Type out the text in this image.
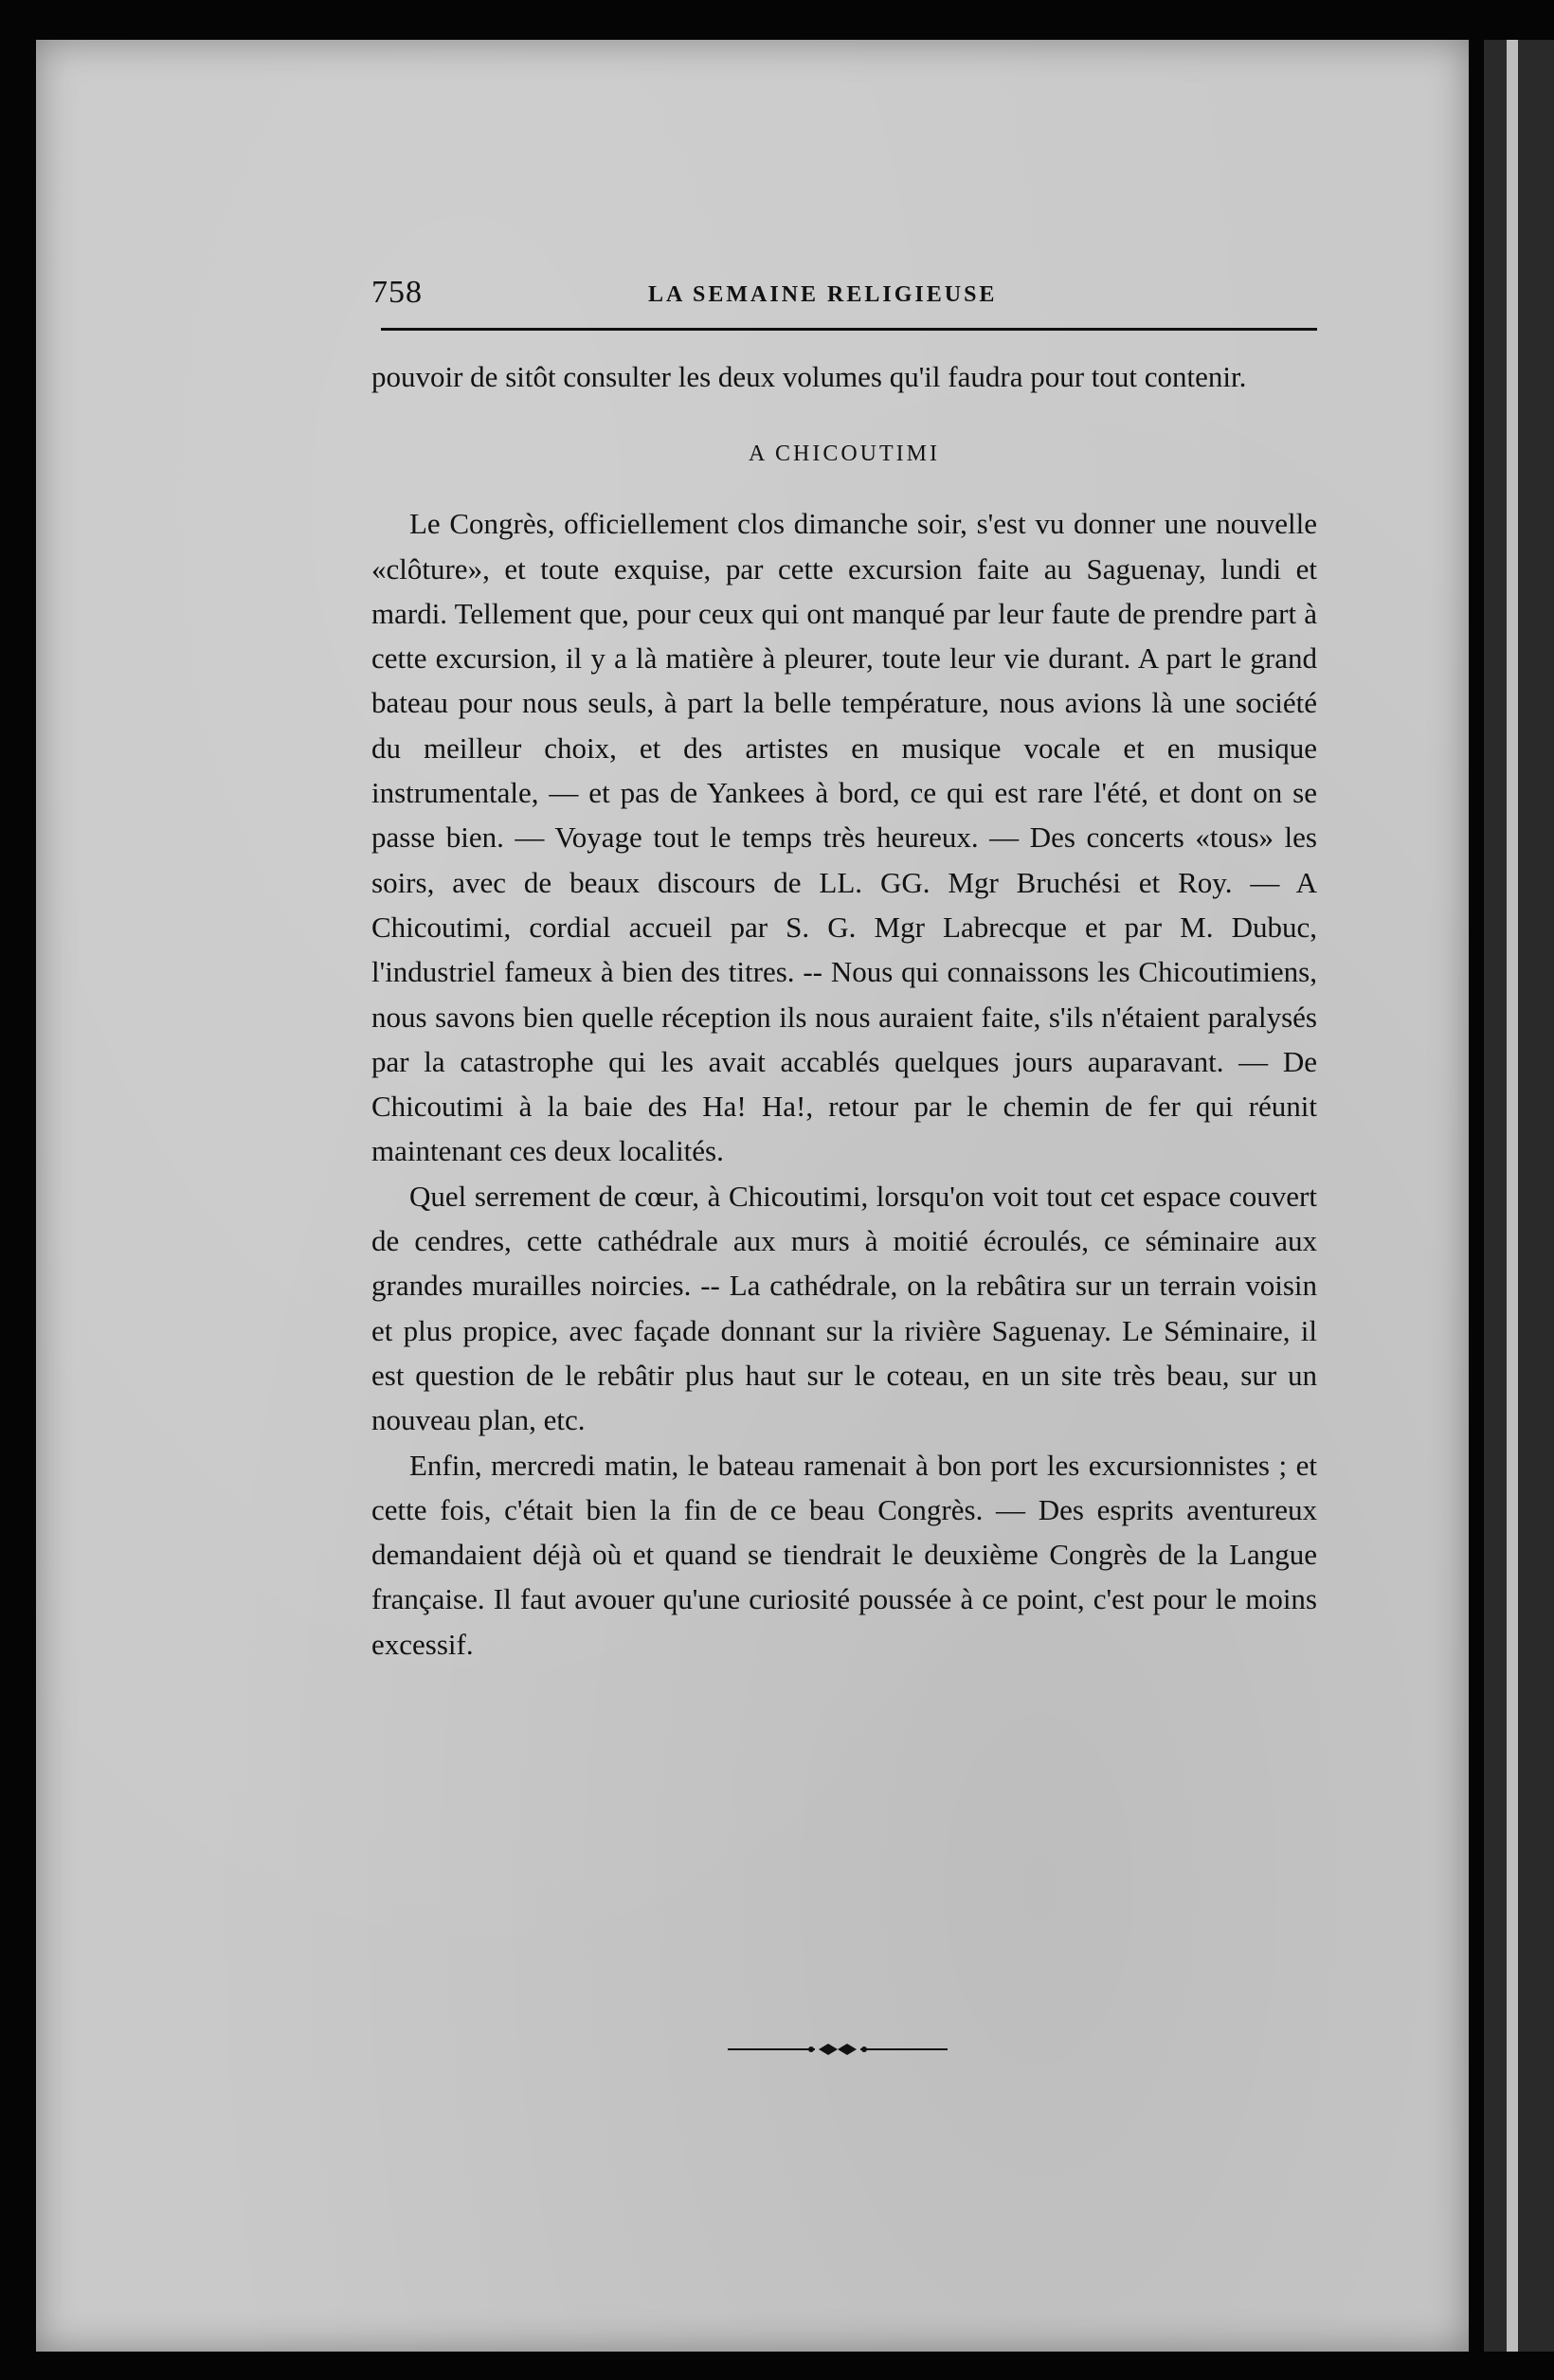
758	LA SEMAINE RELIGIEUSE

pouvoir de sitôt consulter les deux volumes qu'il faudra pour tout contenir.

A CHICOUTIMI

Le Congrès, officiellement clos dimanche soir, s'est vu donner une nouvelle «clôture», et toute exquise, par cette excursion faite au Saguenay, lundi et mardi. Tellement que, pour ceux qui ont manqué par leur faute de prendre part à cette excursion, il y a là matière à pleurer, toute leur vie durant. A part le grand bateau pour nous seuls, à part la belle température, nous avions là une société du meilleur choix, et des artistes en musique vocale et en musique instrumentale, — et pas de Yankees à bord, ce qui est rare l'été, et dont on se passe bien. — Voyage tout le temps très heureux. — Des concerts «tous» les soirs, avec de beaux discours de LL. GG. Mgr Bruchési et Roy. — A Chicoutimi, cordial accueil par S. G. Mgr Labrecque et par M. Dubuc, l'industriel fameux à bien des titres. -- Nous qui connaissons les Chicoutimiens, nous savons bien quelle réception ils nous auraient faite, s'ils n'étaient paralysés par la catastrophe qui les avait accablés quelques jours auparavant. — De Chicoutimi à la baie des Ha! Ha!, retour par le chemin de fer qui réunit maintenant ces deux localités.

Quel serrement de cœur, à Chicoutimi, lorsqu'on voit tout cet espace couvert de cendres, cette cathédrale aux murs à moitié écroulés, ce séminaire aux grandes murailles noircies. -- La cathédrale, on la rebâtira sur un terrain voisin et plus propice, avec façade donnant sur la rivière Saguenay. Le Séminaire, il est question de le rebâtir plus haut sur le coteau, en un site très beau, sur un nouveau plan, etc.

Enfin, mercredi matin, le bateau ramenait à bon port les excursionnistes ; et cette fois, c'était bien la fin de ce beau Congrès. — Des esprits aventureux demandaient déjà où et quand se tiendrait le deuxième Congrès de la Langue française. Il faut avouer qu'une curiosité poussée à ce point, c'est pour le moins excessif.
